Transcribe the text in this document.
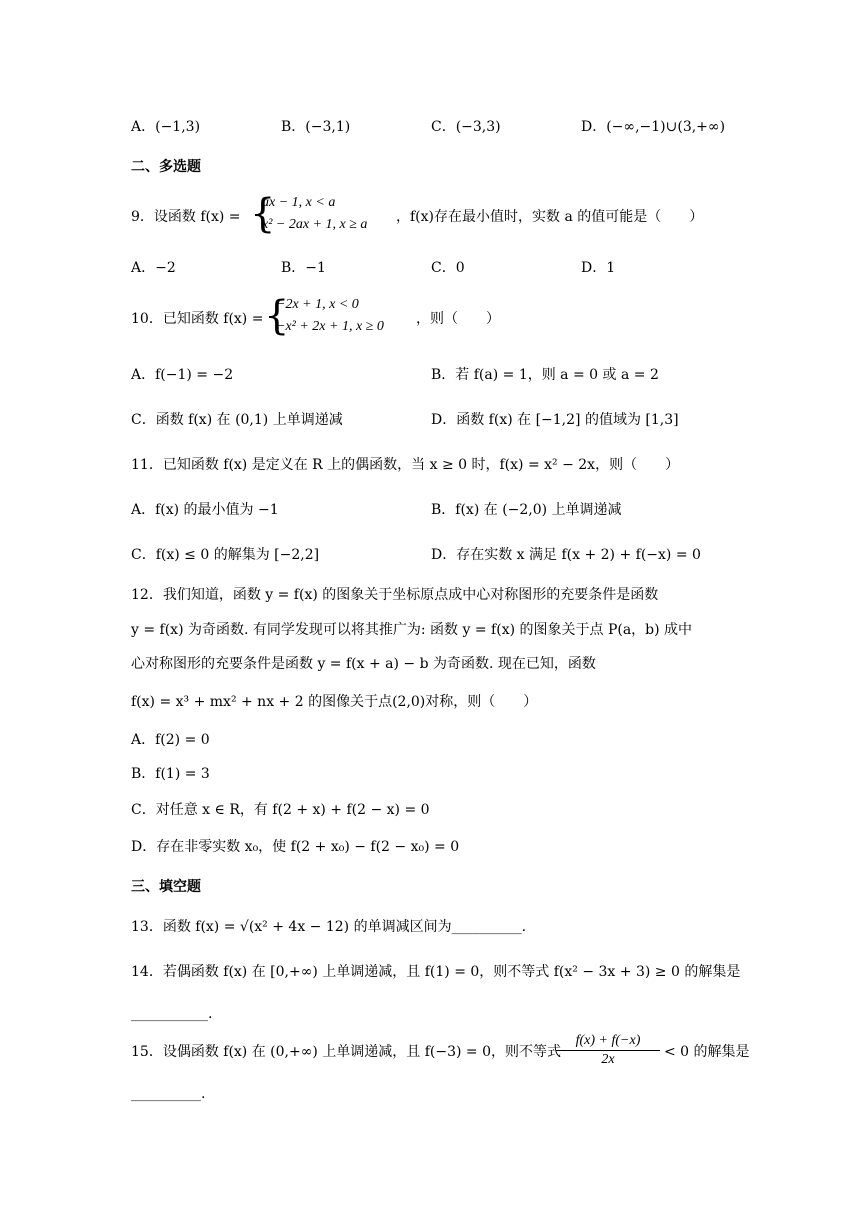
A．(−1,3)	B．(−3,1)	C．(−3,3)	D．(−∞,−1)∪(3,+∞)
二、多选题
9．设函数 f(x) = {
ax − 1, x < a
x² − 2ax + 1, x ≥ a ，f(x)存在最小值时，实数 a 的值可能是（　　）
A．−2	B．−1	C．0	D．1
10．已知函数 f(x) = {
−2x + 1, x < 0
−x² + 2x + 1, x ≥ 0 ，则（　　）
A．f(−1) = −2	B．若 f(a) = 1，则 a = 0 或 a = 2
C．函数 f(x) 在 (0,1) 上单调递减	D．函数 f(x) 在 [−1,2] 的值域为 [1,3]
11．已知函数 f(x) 是定义在 R 上的偶函数，当 x ≥ 0 时，f(x) = x² − 2x，则（　　）
A．f(x) 的最小值为 −1	B．f(x) 在 (−2,0) 上单调递减
C．f(x) ≤ 0 的解集为 [−2,2]	D．存在实数 x 满足 f(x + 2) + f(−x) = 0
12．我们知道，函数 y = f(x) 的图象关于坐标原点成中心对称图形的充要条件是函数
y = f(x) 为奇函数. 有同学发现可以将其推广为: 函数 y = f(x) 的图象关于点 P(a，b) 成中
心对称图形的充要条件是函数 y = f(x + a) − b 为奇函数. 现在已知，函数
f(x) = x³ + mx² + nx + 2 的图像关于点(2,0)对称，则（　　）
A．f(2) = 0
B．f(1) = 3
C．对任意 x ∈ R，有 f(2 + x) + f(2 − x) = 0
D．存在非零实数 x₀，使 f(2 + x₀) − f(2 − x₀) = 0
三、填空题
13．函数 f(x) = √(x² + 4x − 12) 的单调减区间为__________.
14．若偶函数 f(x) 在 [0,+∞) 上单调递减，且 f(1) = 0，则不等式 f(x² − 3x + 3) ≥ 0 的解集是
___________.
15．设偶函数 f(x) 在 (0,+∞) 上单调递减，且 f(−3) = 0，则不等式
$\frac{f(x) + f(-x)}{2x} < 0$ 的解集是
__________.
